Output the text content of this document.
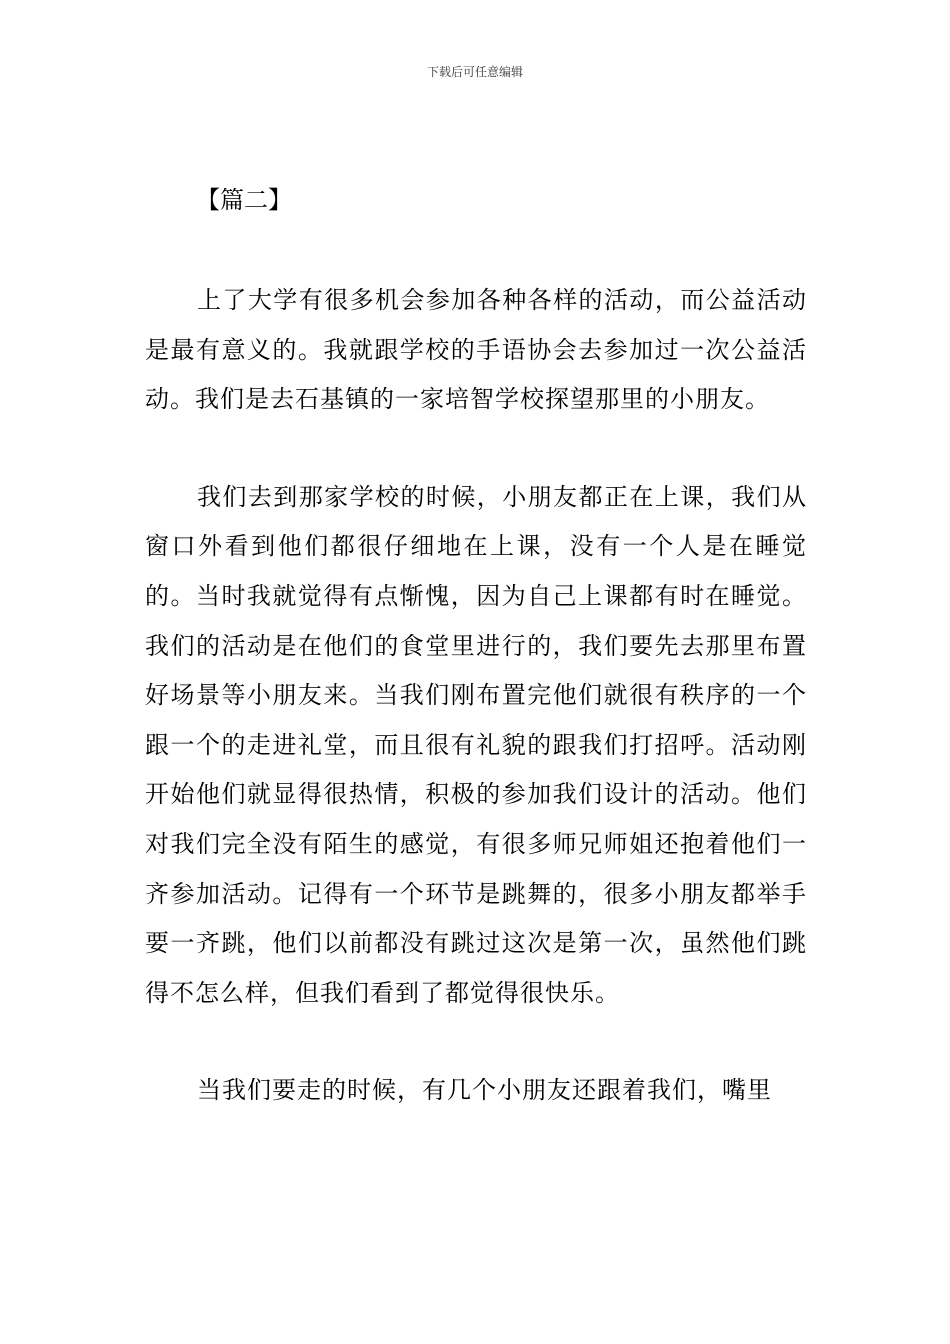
下载后可任意编辑
【篇二】

上了大学有很多机会参加各种各样的活动，而公益活动是最有意义的。我就跟学校的手语协会去参加过一次公益活动。我们是去石基镇的一家培智学校探望那里的小朋友。

我们去到那家学校的时候，小朋友都正在上课，我们从窗口外看到他们都很仔细地在上课，没有一个人是在睡觉的。当时我就觉得有点惭愧，因为自己上课都有时在睡觉。我们的活动是在他们的食堂里进行的，我们要先去那里布置好场景等小朋友来。当我们刚布置完他们就很有秩序的一个跟一个的走进礼堂，而且很有礼貌的跟我们打招呼。活动刚开始他们就显得很热情，积极的参加我们设计的活动。他们对我们完全没有陌生的感觉，有很多师兄师姐还抱着他们一齐参加活动。记得有一个环节是跳舞的，很多小朋友都举手要一齐跳，他们以前都没有跳过这次是第一次，虽然他们跳得不怎么样，但我们看到了都觉得很快乐。

当我们要走的时候，有几个小朋友还跟着我们，嘴里
